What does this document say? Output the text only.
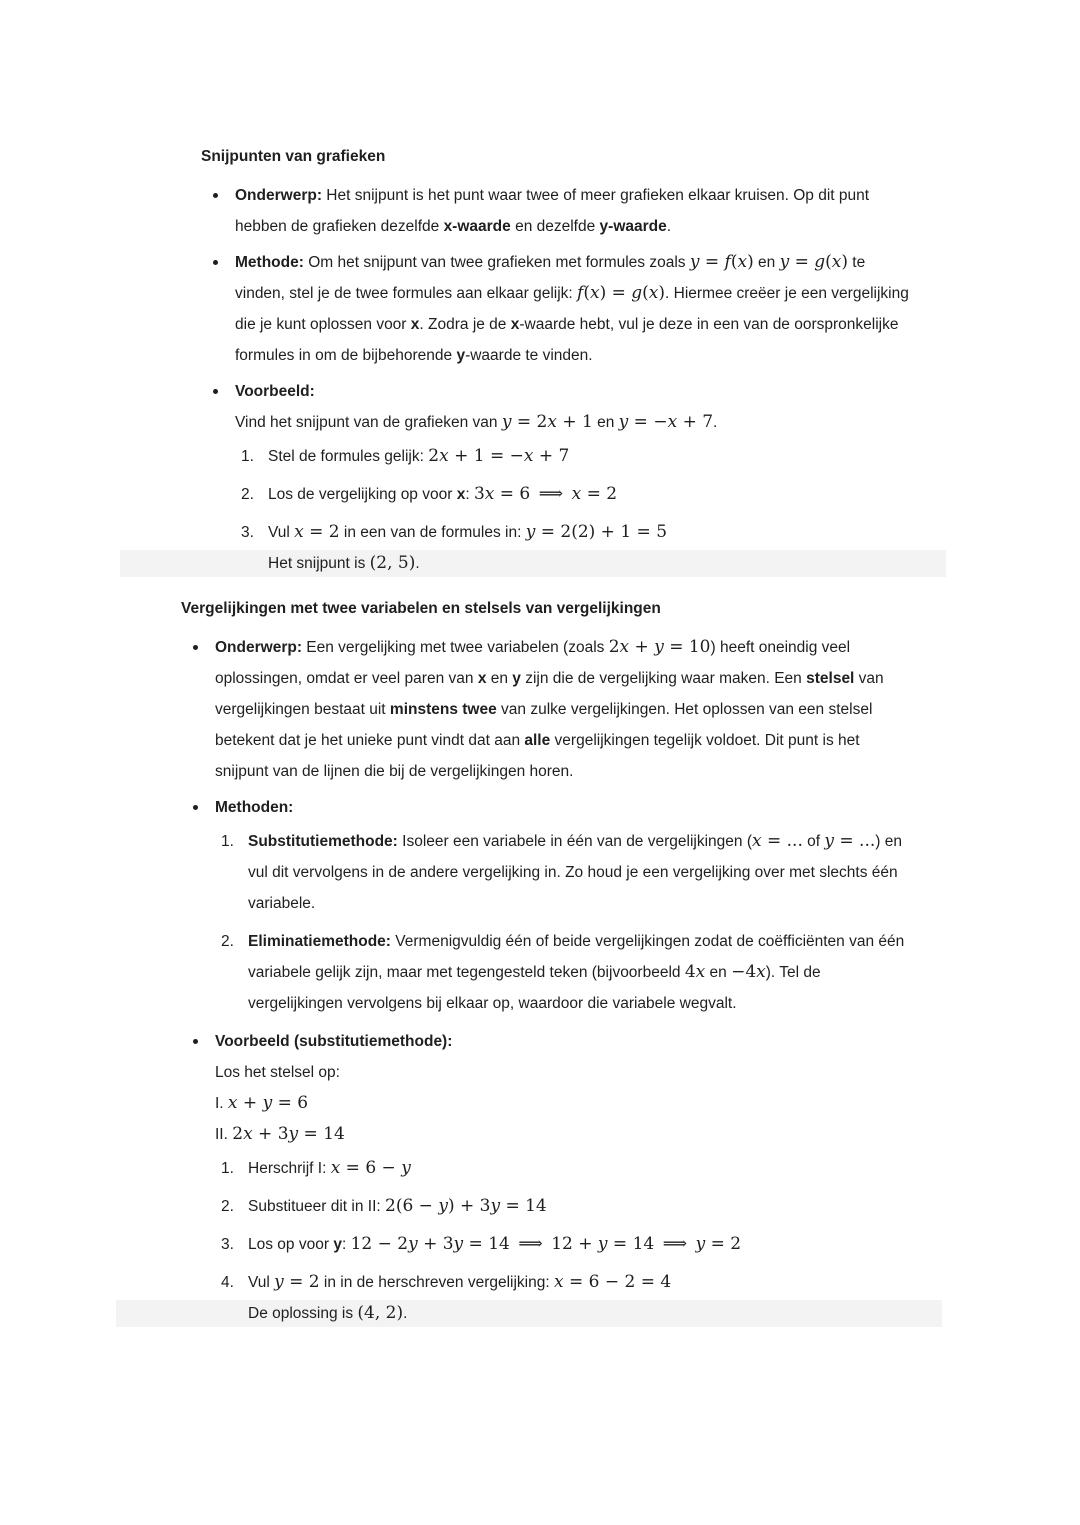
Snijpunten van grafieken

Onderwerp: Het snijpunt is het punt waar twee of meer grafieken elkaar kruisen. Op dit punt hebben de grafieken dezelfde x-waarde en dezelfde y-waarde.

Methode: Om het snijpunt van twee grafieken met formules zoals y = f(x) en y = g(x) te vinden, stel je de twee formules aan elkaar gelijk: f(x) = g(x). Hiermee creëer je een vergelijking die je kunt oplossen voor x. Zodra je de x-waarde hebt, vul je deze in een van de oorspronkelijke formules in om de bijbehorende y-waarde te vinden.

Voorbeeld:

Vind het snijpunt van de grafieken van y = 2x + 1 en y = −x + 7.

1. Stel de formules gelijk: 2x + 1 = −x + 7

2. Los de vergelijking op voor x: 3x = 6 ⟹ x = 2

3. Vul x = 2 in een van de formules in: y = 2(2) + 1 = 5

Het snijpunt is (2, 5).

Vergelijkingen met twee variabelen en stelsels van vergelijkingen

Onderwerp: Een vergelijking met twee variabelen (zoals 2x + y = 10) heeft oneindig veel oplossingen, omdat er veel paren van x en y zijn die de vergelijking waar maken. Een stelsel van vergelijkingen bestaat uit minstens twee van zulke vergelijkingen. Het oplossen van een stelsel betekent dat je het unieke punt vindt dat aan alle vergelijkingen tegelijk voldoet. Dit punt is het snijpunt van de lijnen die bij de vergelijkingen horen.

Methoden:

1. Substitutiemethode: Isoleer een variabele in één van de vergelijkingen (x = ... of y = ...) en vul dit vervolgens in de andere vergelijking in. Zo houd je een vergelijking over met slechts één variabele.

2. Eliminatiemethode: Vermenigvuldig één of beide vergelijkingen zodat de coëfficiënten van één variabele gelijk zijn, maar met tegengesteld teken (bijvoorbeeld 4x en −4x). Tel de vergelijkingen vervolgens bij elkaar op, waardoor die variabele wegvalt.

Voorbeeld (substitutiemethode):

Los het stelsel op:

I. x + y = 6

II. 2x + 3y = 14

1. Herschrijf I: x = 6 − y

2. Substitueer dit in II: 2(6 − y) + 3y = 14

3. Los op voor y: 12 − 2y + 3y = 14 ⟹ 12 + y = 14 ⟹ y = 2

4. Vul y = 2 in in de herschreven vergelijking: x = 6 − 2 = 4

De oplossing is (4, 2).
